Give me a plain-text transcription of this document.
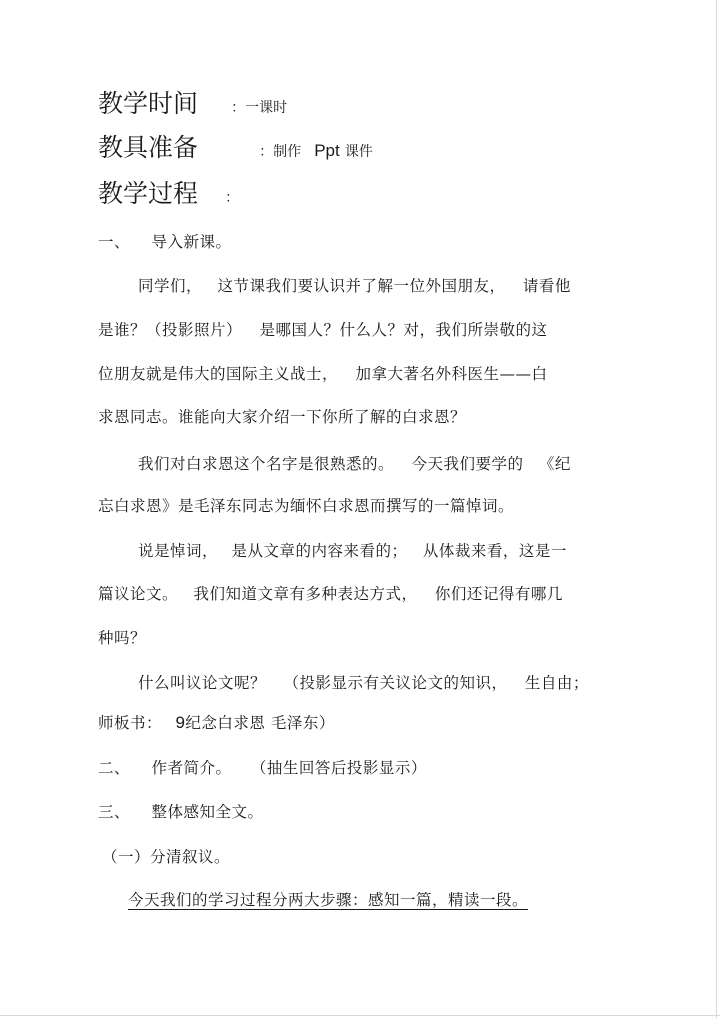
教学时间 ：一课时
教具准备	：制作 Ppt 课件
教学过程 ：
一、 导入新课。
同学们， 这节课我们要认识并了解一位外国朋友， 请看他
是谁？（投影照片） 是哪国人？什么人？对，我们所崇敬的这
位朋友就是伟大的国际主义战士， 加拿大著名外科医生——白
求恩同志。谁能向大家介绍一下你所了解的白求恩？
我们对白求恩这个名字是很熟悉的。 今天我们要学的 《纪
忘白求恩》是毛泽东同志为缅怀白求恩而撰写的一篇悼词。
说是悼词， 是从文章的内容来看的； 从体裁来看，这是一
篇议论文。 我们知道文章有多种表达方式， 你们还记得有哪几
种吗？
什么叫议论文呢？ （投影显示有关议论文的知识， 生自由；
师板书： 9纪念白求恩 毛泽东）
二、 作者简介。 （抽生回答后投影显示）
三、 整体感知全文。
（一）分清叙议。
今天我们的学习过程分两大步骤：感知一篇，精读一段。
